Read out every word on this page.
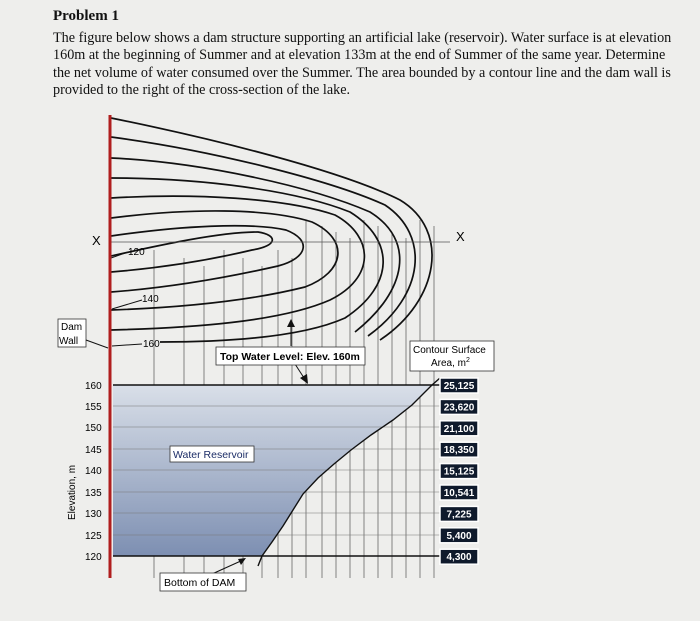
Problem 1

The figure below shows a dam structure supporting an artificial lake (reservoir). Water surface is at elevation 160m at the beginning of Summer and at elevation 133m at the end of Summer of the same year. Determine the net volume of water consumed over the Summer. The area bounded by a contour line and the dam wall is provided to the right of the cross-section of the lake.

120
140
160
X	X
Dam
Wall
Top Water Level: Elev. 160m
Water Reservoir
Bottom of DAM
160
155
150
145
140
135
130
125
120
Elevation, m
Contour Surface
Area, $m^2$
25,125
23,620
21,100
18,350
15,125
10,541
7,225
5,400
4,300
